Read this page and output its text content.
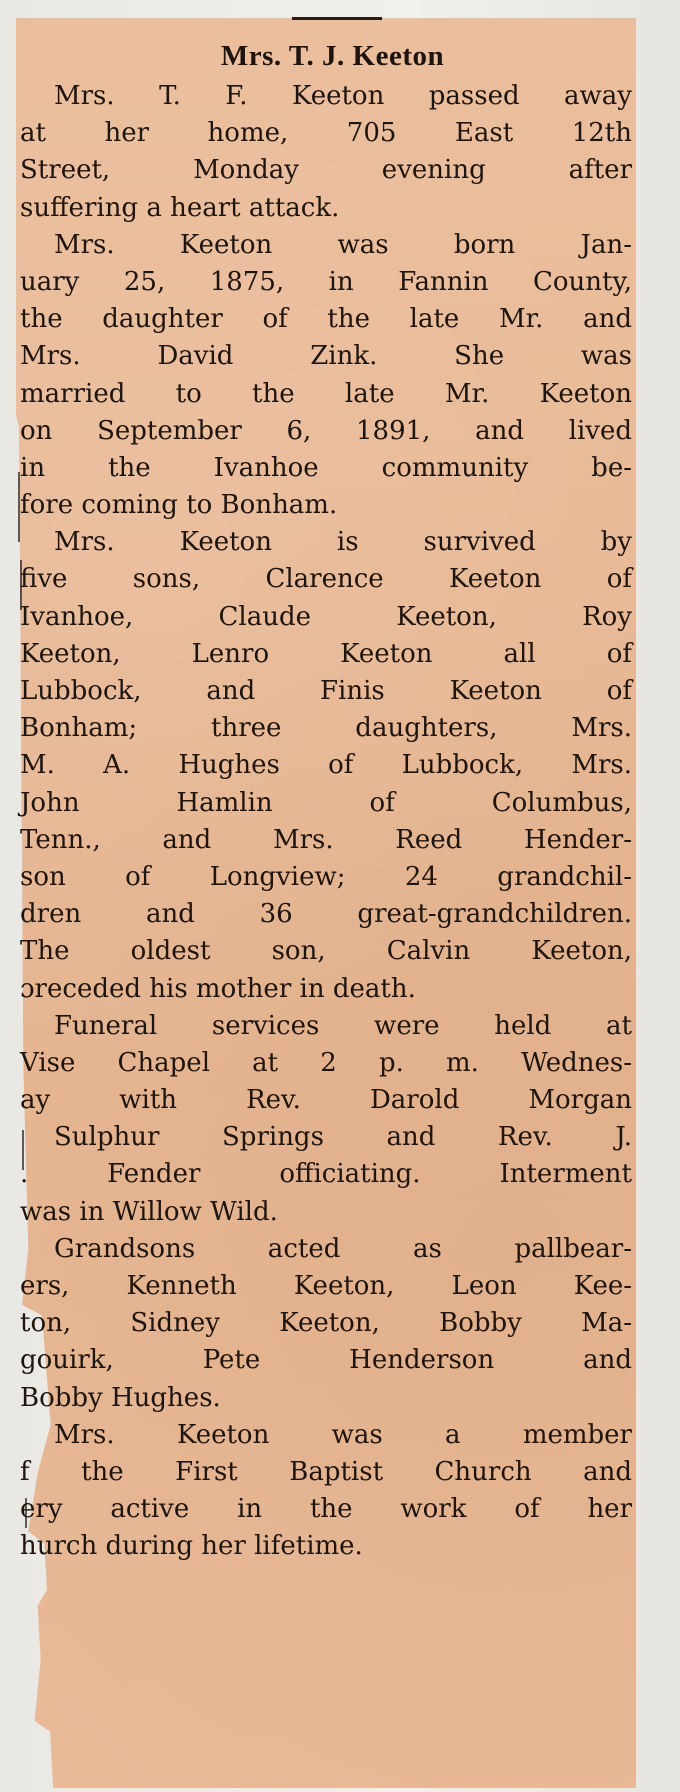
Mrs. T. J. Keeton
Mrs. T. F. Keeton passed away
at her home, 705 East 12th
Street, Monday evening after
suffering a heart attack.
Mrs. Keeton was born Jan-
uary 25, 1875, in Fannin County,
the daughter of the late Mr. and
Mrs. David Zink. She was
married to the late Mr. Keeton
on September 6, 1891, and lived
in the Ivanhoe community be-
fore coming to Bonham.
Mrs. Keeton is survived by
five sons, Clarence Keeton of
Ivanhoe, Claude Keeton, Roy
Keeton, Lenro Keeton all of
Lubbock, and Finis Keeton of
Bonham; three daughters, Mrs.
M. A. Hughes of Lubbock, Mrs.
John Hamlin of Columbus,
Tenn., and Mrs. Reed Hender-
son of Longview; 24 grandchil-
dren and 36 great-grandchildren.
The oldest son, Calvin Keeton,
ɔreceded his mother in death.
Funeral services were held at
Vise Chapel at 2 p. m. Wednes-
ay with Rev. Darold Morgan
Sulphur Springs and Rev. J.
. Fender officiating. Interment
was in Willow Wild.
Grandsons acted as pallbear-
ers, Kenneth Keeton, Leon Kee-
ton, Sidney Keeton, Bobby Ma-
gouirk, Pete Henderson and
Bobby Hughes.
Mrs. Keeton was a member
f the First Baptist Church and
ery active in the work of her
hurch during her lifetime.
